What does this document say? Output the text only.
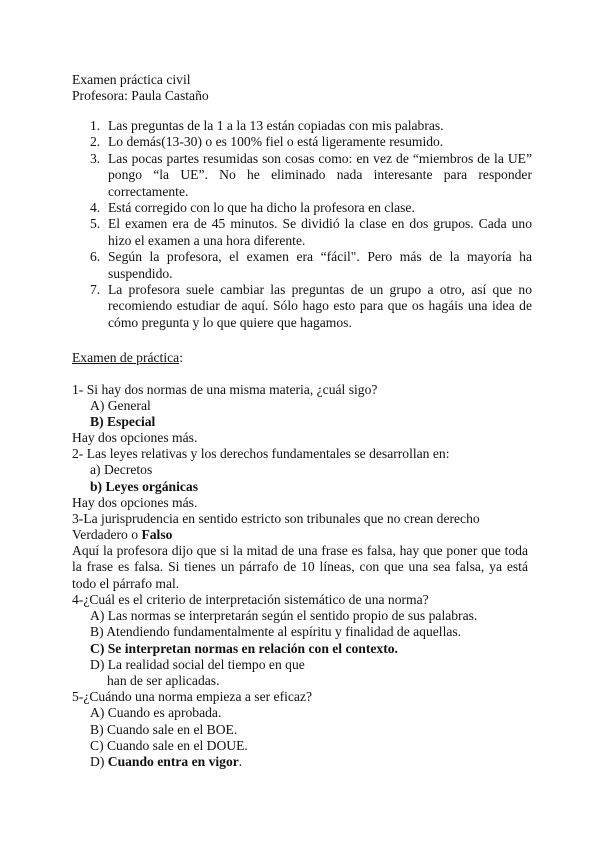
Examen práctica civil
Profesora: Paula Castaño
1. Las preguntas de la 1 a la 13 están copiadas con mis palabras.
2. Lo demás(13-30) o es 100% fiel o está ligeramente resumido.
3. Las pocas partes resumidas son cosas como: en vez de “miembros de la UE” pongo “la UE”. No he eliminado nada interesante para responder correctamente.
4. Está corregido con lo que ha dicho la profesora en clase.
5. El examen era de 45 minutos. Se dividió la clase en dos grupos. Cada uno hizo el examen a una hora diferente.
6. Según la profesora, el examen era “fácil". Pero más de la mayoría ha suspendido.
7. La profesora suele cambiar las preguntas de un grupo a otro, así que no recomiendo estudiar de aquí. Sólo hago esto para que os hagáis una idea de cómo pregunta y lo que quiere que hagamos.
Examen de práctica:
1- Si hay dos normas de una misma materia, ¿cuál sigo?
A) General
B) Especial
Hay dos opciones más.
2- Las leyes relativas y los derechos fundamentales se desarrollan en:
a) Decretos
b) Leyes orgánicas
Hay dos opciones más.
3-La jurisprudencia en sentido estricto son tribunales que no crean derecho
Verdadero o Falso
Aquí la profesora dijo que si la mitad de una frase es falsa, hay que poner que toda la frase es falsa. Si tienes un párrafo de 10 líneas, con que una sea falsa, ya está todo el párrafo mal.
4-¿Cuál es el criterio de interpretación sistemático de una norma?
A) Las normas se interpretarán según el sentido propio de sus palabras.
B) Atendiendo fundamentalmente al espíritu y finalidad de aquellas.
C) Se interpretan normas en relación con el contexto.
D) La realidad social del tiempo en que
han de ser aplicadas.
5-¿Cuándo una norma empieza a ser eficaz?
A) Cuando es aprobada.
B) Cuando sale en el BOE.
C) Cuando sale en el DOUE.
D) Cuando entra en vigor.
